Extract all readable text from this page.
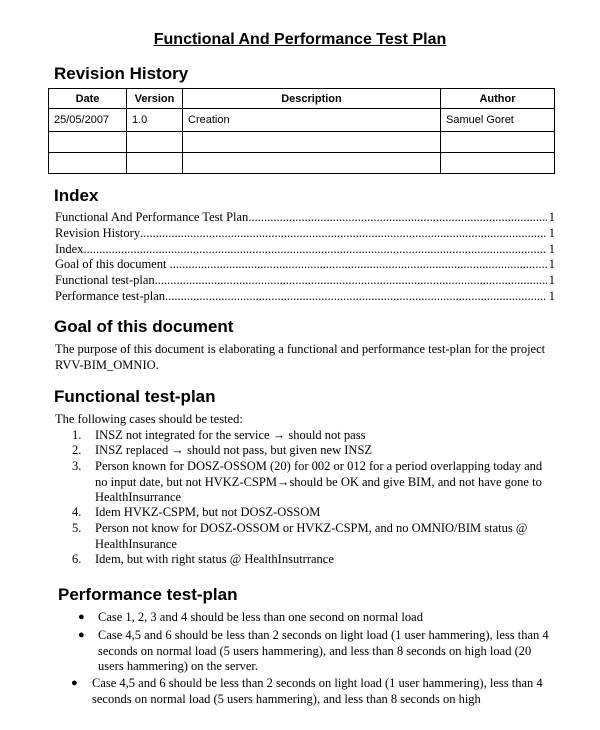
Functional And Performance Test Plan
Revision History
Date	Version	Description	Author
25/05/2007	1.0	Creation	Samuel Goret

Index
Functional And Performance Test Plan .....	1
Revision History .....	1
Index .....	1
Goal of this document .....	1
Functional test-plan .....	1
Performance test-plan .....	1
Goal of this document

The purpose of this document is elaborating a functional and performance test-plan for the project RVV-BIM_OMNIO.

Functional test-plan

The following cases should be tested:

1.	INSZ not integrated for the service → should not pass
2.	INSZ replaced → should not pass, but given new INSZ
3.	Person known for DOSZ-OSSOM (20) for 002 or 012 for a period overlapping today and no input date, but not HVKZ-CSPM→should be OK and give BIM, and not have gone to HealthInsurrance
4.	Idem HVKZ-CSPM, but not DOSZ-OSSOM
5.	Person not know for DOSZ-OSSOM or HVKZ-CSPM, and no OMNIO/BIM status @ HealthInsurance
6.	Idem, but with right status @ HealthInsutrrance
Performance test-plan
● Case 1, 2, 3 and 4 should be less than one second on normal load
● Case 4,5 and 6 should be less than 2 seconds on light load (1 user hammering), less than 4 seconds on normal load (5 users hammering), and less than 8 seconds on high load (20 users hammering) on the server.
● Case 4,5 and 6 should be less than 2 seconds on light load (1 user hammering), less than 4 seconds on normal load (5 users hammering), and less than 8 seconds on high
